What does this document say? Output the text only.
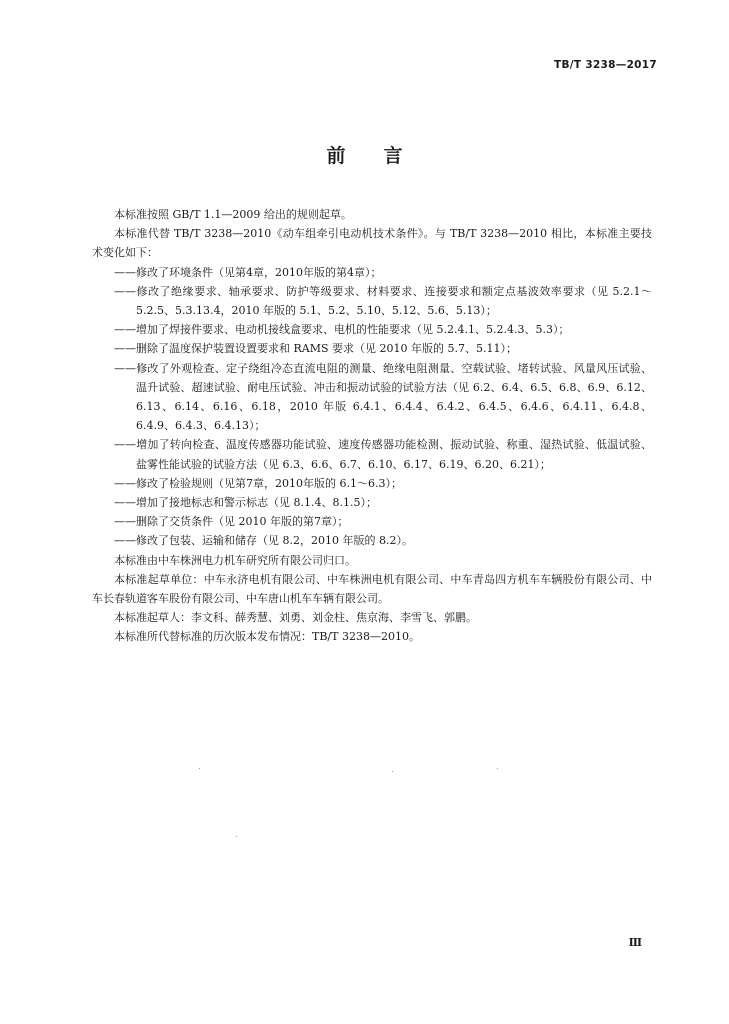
TB/T 3238—2017
前 言

本标准按照 GB/T 1.1—2009 给出的规则起草。

本标准代替 TB/T 3238—2010《动车组牵引电动机技术条件》。与 TB/T 3238—2010 相比，本标准主要技术变化如下：

——修改了环境条件（见第4章，2010年版的第4章）；

——修改了绝缘要求、轴承要求、防护等级要求、材料要求、连接要求和额定点基波效率要求（见 5.2.1～5.2.5、5.3.13.4，2010 年版的 5.1、5.2、5.10、5.12、5.6、5.13）；

——增加了焊接件要求、电动机接线盒要求、电机的性能要求（见 5.2.4.1、5.2.4.3、5.3）；

——删除了温度保护装置设置要求和 RAMS 要求（见 2010 年版的 5.7、5.11）；

——修改了外观检查、定子绕组冷态直流电阻的测量、绝缘电阻测量、空载试验、堵转试验、风量风压试验、温升试验、超速试验、耐电压试验、冲击和振动试验的试验方法（见 6.2、6.4、6.5、6.8、6.9、6.12、6.13、6.14、6.16、6.18，2010 年版 6.4.1、6.4.4、6.4.2、6.4.5、6.4.6、6.4.11、6.4.8、6.4.9、6.4.3、6.4.13）；

——增加了转向检查、温度传感器功能试验、速度传感器功能检测、振动试验、称重、湿热试验、低温试验、盐雾性能试验的试验方法（见 6.3、6.6、6.7、6.10、6.17、6.19、6.20、6.21）；

——修改了检验规则（见第7章，2010年版的 6.1～6.3）；

——增加了接地标志和警示标志（见 8.1.4、8.1.5）；

——删除了交货条件（见 2010 年版的第7章）；

——修改了包装、运输和储存（见 8.2，2010 年版的 8.2）。

本标准由中车株洲电力机车研究所有限公司归口。

本标准起草单位：中车永济电机有限公司、中车株洲电机有限公司、中车青岛四方机车车辆股份有限公司、中车长春轨道客车股份有限公司、中车唐山机车车辆有限公司。

本标准起草人：李文科、薛秀慧、刘勇、刘金柱、焦京海、李雪飞、郭鹏。

本标准所代替标准的历次版本发布情况：TB/T 3238—2010。

Ⅲ
